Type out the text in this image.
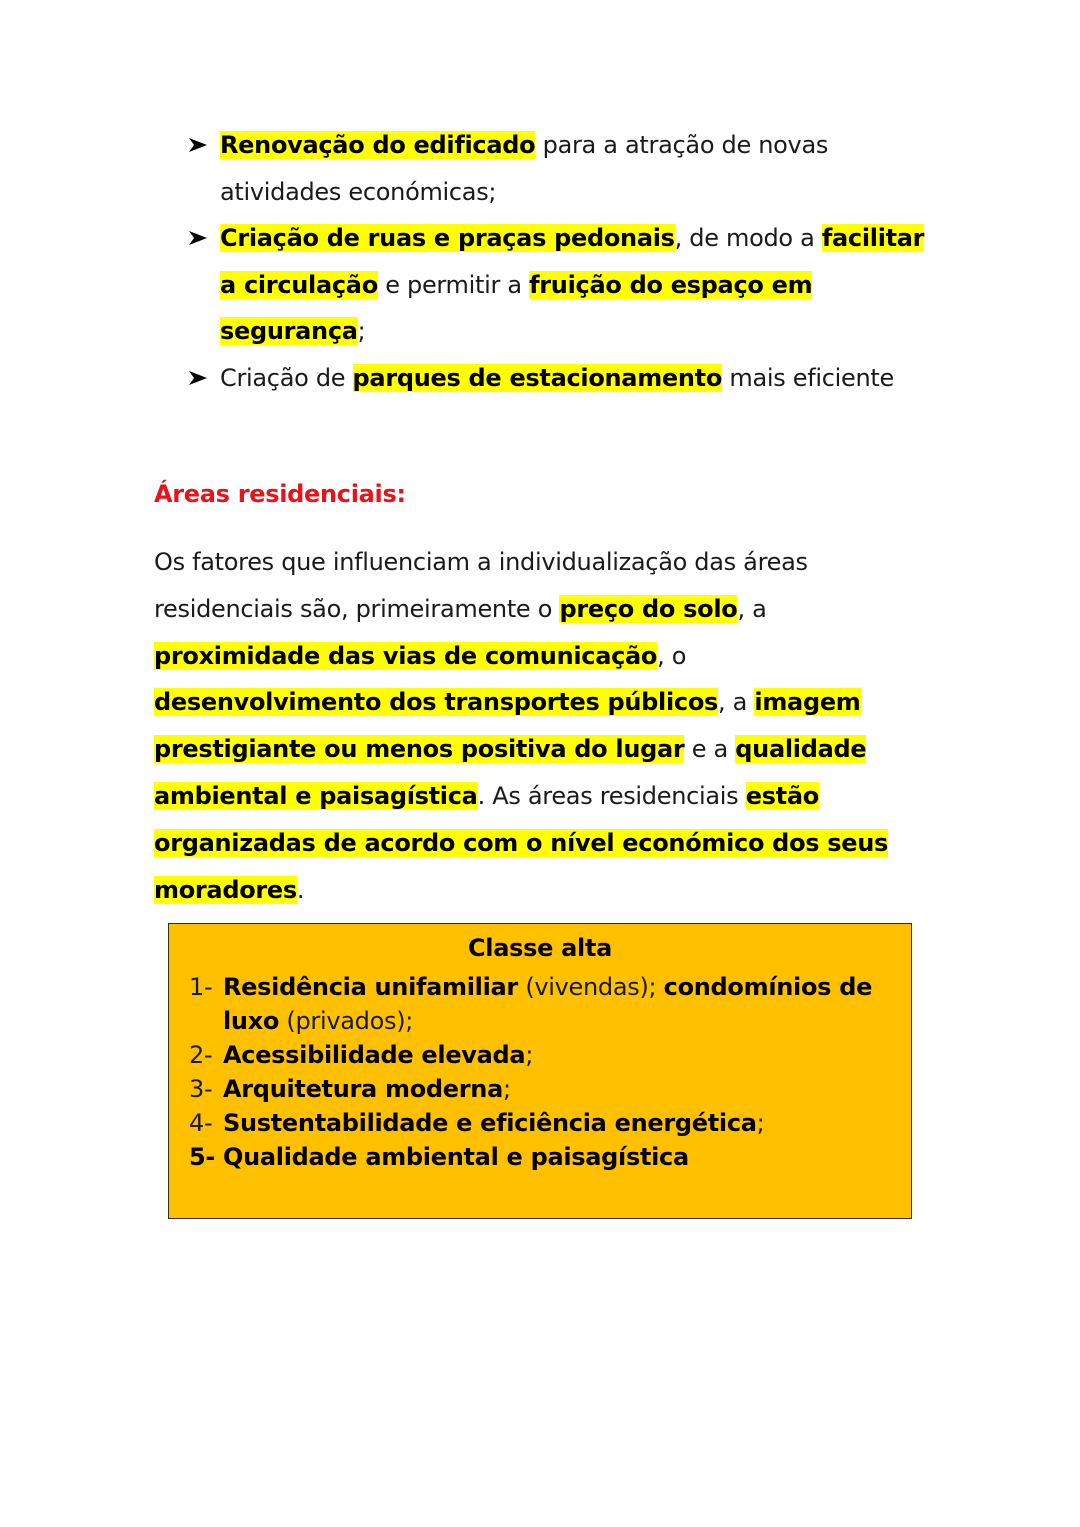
Renovação do edificado para a atração de novas atividades económicas;
Criação de ruas e praças pedonais, de modo a facilitar a circulação e permitir a fruição do espaço em segurança;
Criação de parques de estacionamento mais eficiente
Áreas residenciais:

Os fatores que influenciam a individualização das áreas residenciais são, primeiramente o preço do solo, a proximidade das vias de comunicação, o desenvolvimento dos transportes públicos, a imagem prestigiante ou menos positiva do lugar e a qualidade ambiental e paisagística. As áreas residenciais estão organizadas de acordo com o nível económico dos seus moradores.

Classe alta
1- Residência unifamiliar (vivendas); condomínios de luxo (privados);
2- Acessibilidade elevada;
3- Arquitetura moderna;
4- Sustentabilidade e eficiência energética;
5- Qualidade ambiental e paisagística
